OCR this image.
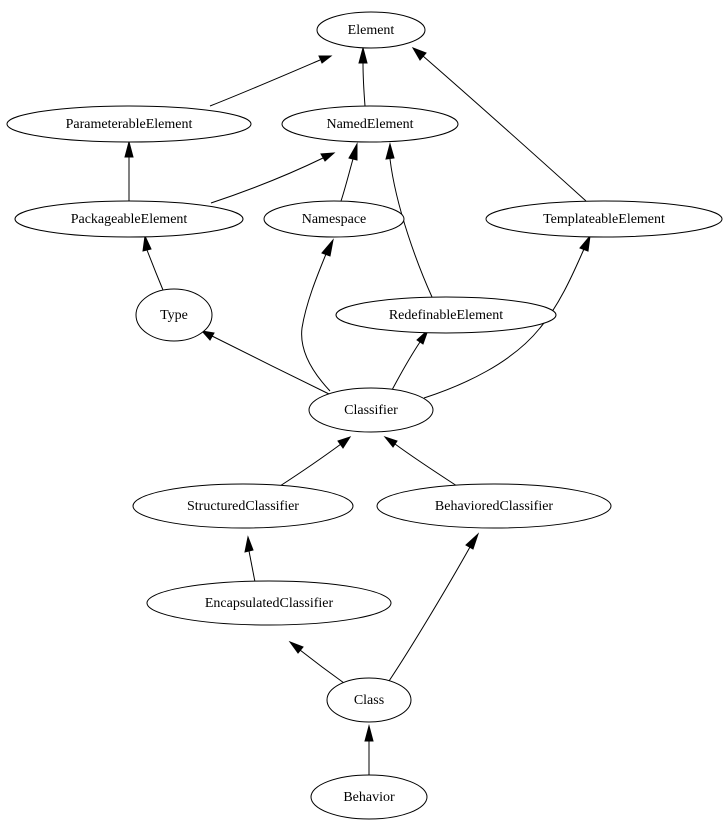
Element
ParameterableElement	NamedElement
TemplateableElement
PackageableElement	Namespace
RedefinableElement
Type
Classifier
StructuredClassifier	BehavioredClassifier
EncapsulatedClassifier
Class
Behavior
